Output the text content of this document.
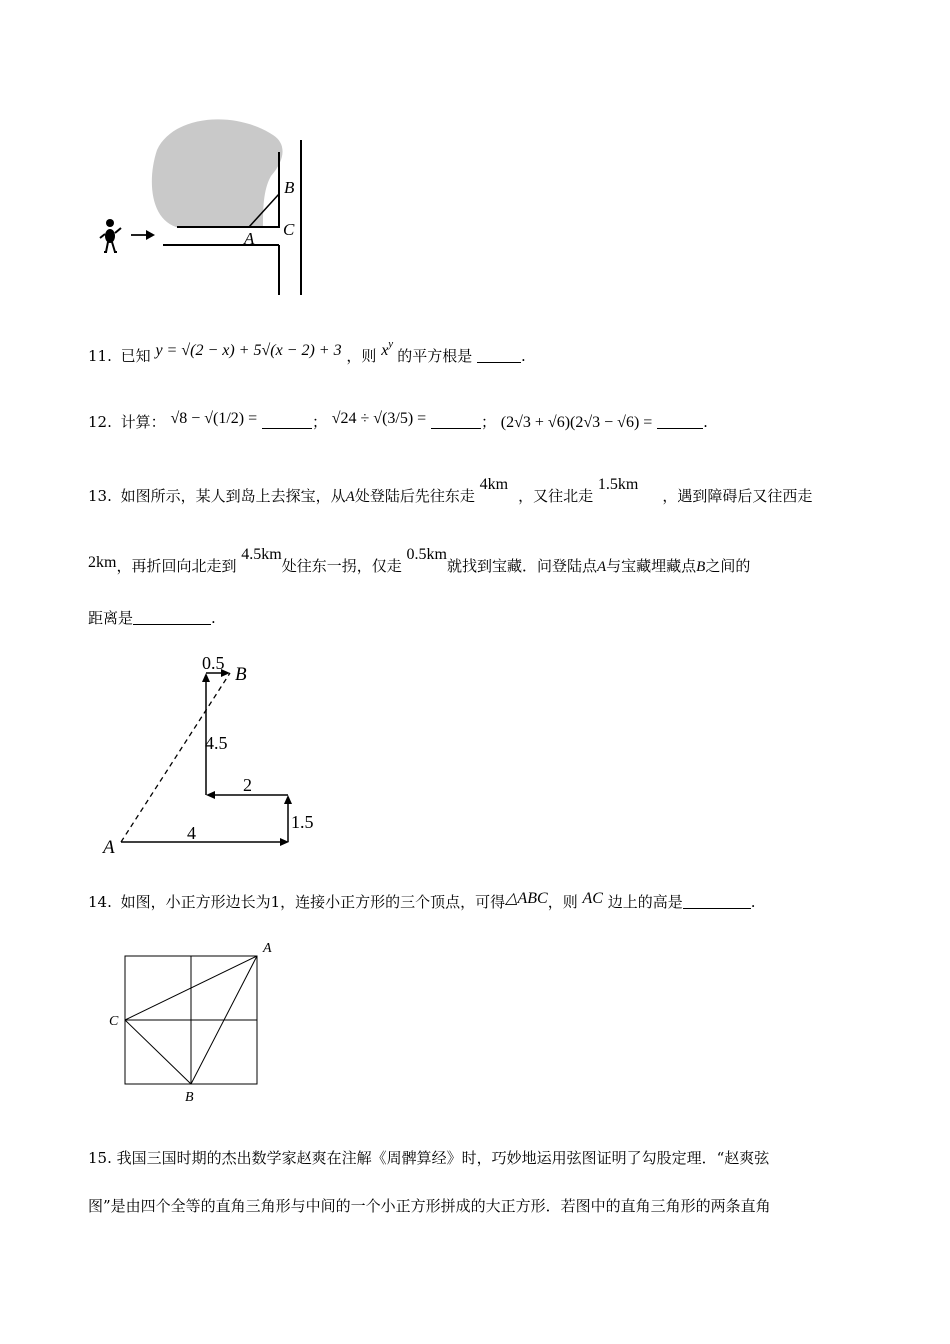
B
C
A
11. 已知 y = √(2 − x) + 5√(x − 2) + 3 ，则 $x^y$ 的平方根是	.
12. 计算： √8 − √(1/2) =	； √24 ÷ √(3/5) =	； (2√3 + √6)(2√3 − √6) =	.
13. 如图所示，某人到岛上去探宝，从A处登陆后先往东走 4km，又往北走 1.5km，遇到障碍后又往西走
2km，再折回向北走到 4.5km处往东一拐，仅走 0.5km就找到宝藏．问登陆点A与宝藏埋藏点B之间的
距离是	.
0.5
B
4.5
2
1.5
4
A
14. 如图，小正方形边长为1，连接小正方形的三个顶点，可得△ABC，则 AC 边上的高是	.
A
C
B
15. 我国三国时期的杰出数学家赵爽在注解《周髀算经》时，巧妙地运用弦图证明了勾股定理．“赵爽弦
图”是由四个全等的直角三角形与中间的一个小正方形拼成的大正方形．若图中的直角三角形的两条直角
